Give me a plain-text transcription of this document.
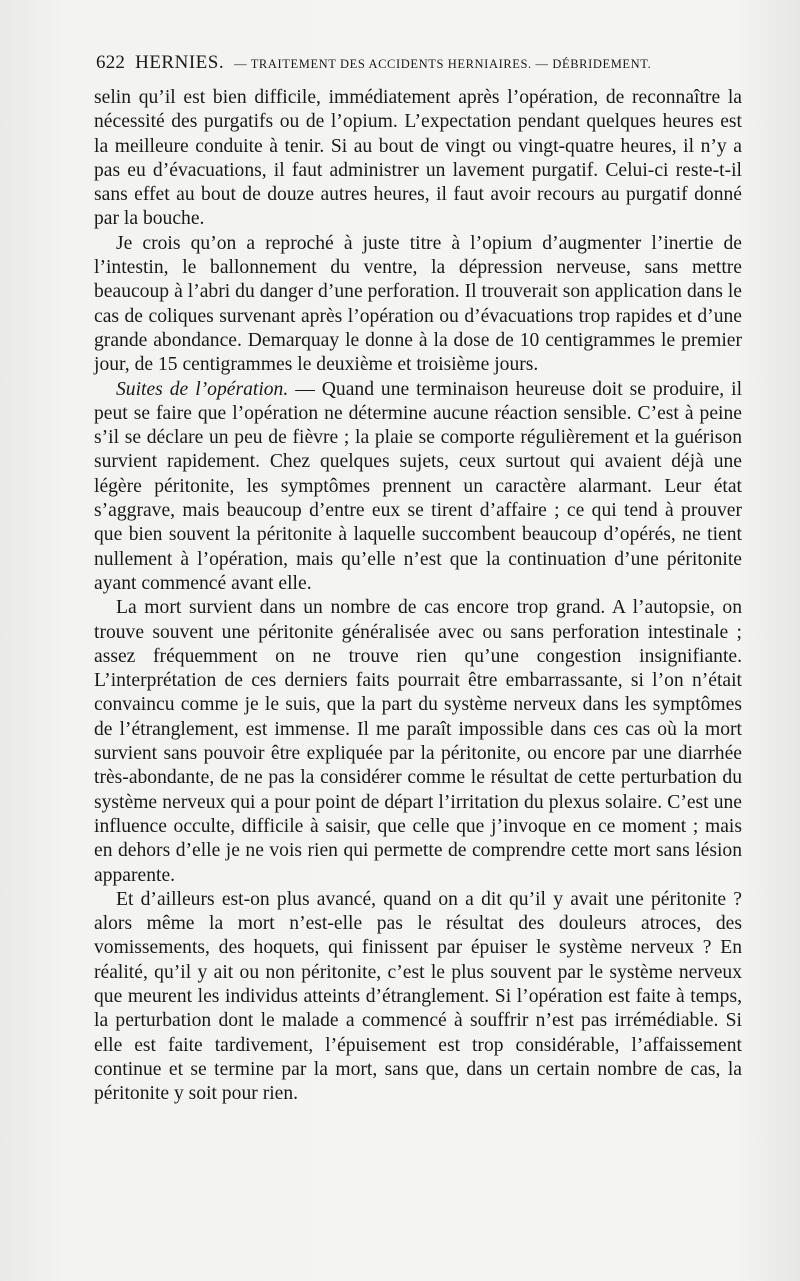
622 HERNIES. — TRAITEMENT DES ACCIDENTS HERNIAIRES. — DÉBRIDEMENT.

selin qu’il est bien difficile, immédiatement après l’opération, de reconnaître la nécessité des purgatifs ou de l’opium. L’expectation pendant quelques heures est la meilleure conduite à tenir. Si au bout de vingt ou vingt-quatre heures, il n’y a pas eu d’évacuations, il faut administrer un lavement purgatif. Celui-ci reste-t-il sans effet au bout de douze autres heures, il faut avoir recours au purgatif donné par la bouche.

Je crois qu’on a reproché à juste titre à l’opium d’augmenter l’inertie de l’intestin, le ballonnement du ventre, la dépression nerveuse, sans mettre beaucoup à l’abri du danger d’une perforation. Il trouverait son application dans le cas de coliques survenant après l’opération ou d’évacuations trop rapides et d’une grande abondance. Demarquay le donne à la dose de 10 centigrammes le premier jour, de 15 centigrammes le deuxième et troisième jours.

Suites de l’opération. — Quand une terminaison heureuse doit se produire, il peut se faire que l’opération ne détermine aucune réaction sensible. C’est à peine s’il se déclare un peu de fièvre ; la plaie se comporte régulièrement et la guérison survient rapidement. Chez quelques sujets, ceux surtout qui avaient déjà une légère péritonite, les symptômes prennent un caractère alarmant. Leur état s’aggrave, mais beaucoup d’entre eux se tirent d’affaire ; ce qui tend à prouver que bien souvent la péritonite à laquelle succombent beaucoup d’opérés, ne tient nullement à l’opération, mais qu’elle n’est que la continuation d’une péritonite ayant commencé avant elle.

La mort survient dans un nombre de cas encore trop grand. A l’autopsie, on trouve souvent une péritonite généralisée avec ou sans perforation intestinale ; assez fréquemment on ne trouve rien qu’une congestion insignifiante. L’interprétation de ces derniers faits pourrait être embarrassante, si l’on n’était convaincu comme je le suis, que la part du système nerveux dans les symptômes de l’étranglement, est immense. Il me paraît impossible dans ces cas où la mort survient sans pouvoir être expliquée par la péritonite, ou encore par une diarrhée très-abondante, de ne pas la considérer comme le résultat de cette perturbation du système nerveux qui a pour point de départ l’irritation du plexus solaire. C’est une influence occulte, difficile à saisir, que celle que j’invoque en ce moment ; mais en dehors d’elle je ne vois rien qui permette de comprendre cette mort sans lésion apparente.

Et d’ailleurs est-on plus avancé, quand on a dit qu’il y avait une péritonite ? alors même la mort n’est-elle pas le résultat des douleurs atroces, des vomissements, des hoquets, qui finissent par épuiser le système nerveux ? En réalité, qu’il y ait ou non péritonite, c’est le plus souvent par le système nerveux que meurent les individus atteints d’étranglement. Si l’opération est faite à temps, la perturbation dont le malade a commencé à souffrir n’est pas irrémédiable. Si elle est faite tardivement, l’épuisement est trop considérable, l’affaissement continue et se termine par la mort, sans que, dans un certain nombre de cas, la péritonite y soit pour rien.
